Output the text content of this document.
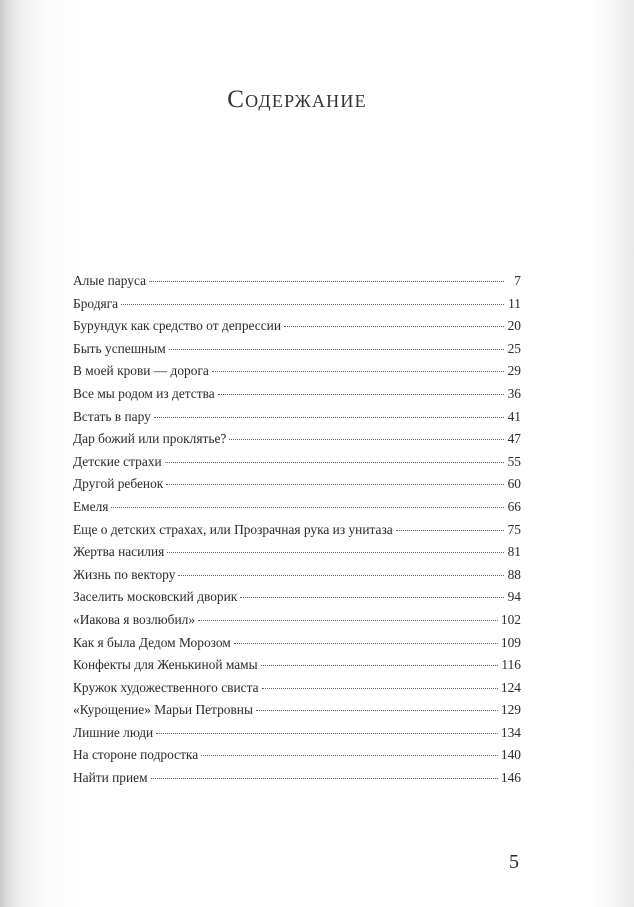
Содержание
Алые паруса	7
Бродяга	11
Бурундук как средство от депрессии	20
Быть успешным	25
В моей крови — дорога	29
Все мы родом из детства	36
Встать в пару	41
Дар божий или проклятье?	47
Детские страхи	55
Другой ребенок	60
Емеля	66
Еще о детских страхах, или Прозрачная рука из унитаза	75
Жертва насилия	81
Жизнь по вектору	88
Заселить московский дворик	94
«Иакова я возлюбил»	102
Как я была Дедом Морозом	109
Конфекты для Женькиной мамы	116
Кружок художественного свиста	124
«Курощение» Марьи Петровны	129
Лишние люди	134
На стороне подростка	140
Найти прием	146
5
